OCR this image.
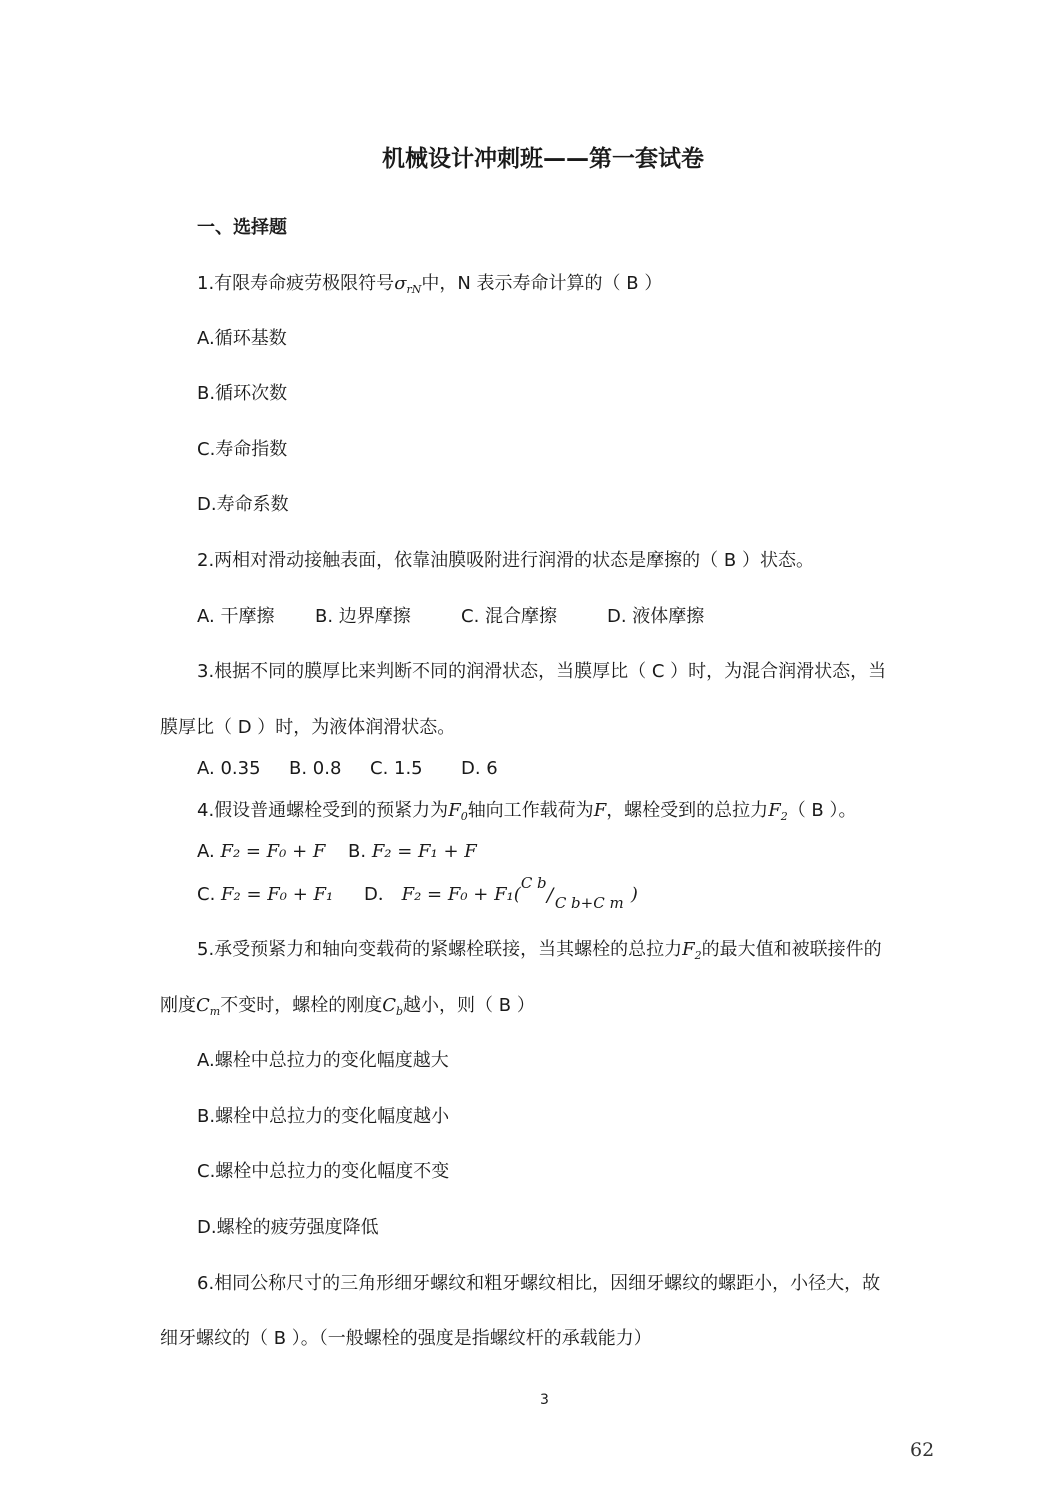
机械设计冲刺班——第一套试卷
一、选择题
1.有限寿命疲劳极限符号$\sigma_{rN}$中，N 表示寿命计算的（ B ）
A.循环基数
B.循环次数
C.寿命指数
D.寿命系数
2.两相对滑动接触表面，依靠油膜吸附进行润滑的状态是摩擦的（ B ）状态。
A. 干摩擦 B. 边界摩擦	C. 混合摩擦	D. 液体摩擦
3.根据不同的膜厚比来判断不同的润滑状态，当膜厚比（ C ）时，为混合润滑状态，当
膜厚比（ D ）时，为液体润滑状态。
A. 0.35 B. 0.8 C. 1.5 D. 6
4.假设普通螺栓受到的预紧力为$F_0$轴向工作载荷为F，螺栓受到的总拉力$F_2$（ B ）。
A. F₂ = F₀ + F B. F₂ = F₁ + F
C. F₂ = F₀ + F₁ D． F₂ = F₀ + F₁(
C b
/ C b+C m )
5.承受预紧力和轴向变载荷的紧螺栓联接，当其螺栓的总拉力$F_2$的最大值和被联接件的
刚度$C_m$不变时，螺栓的刚度$C_b$越小，则（ B ）
A.螺栓中总拉力的变化幅度越大
B.螺栓中总拉力的变化幅度越小
C.螺栓中总拉力的变化幅度不变
D.螺栓的疲劳强度降低
6.相同公称尺寸的三角形细牙螺纹和粗牙螺纹相比，因细牙螺纹的螺距小，小径大，故
细牙螺纹的（ B ）。（一般螺栓的强度是指螺纹杆的承载能力）
3
62
